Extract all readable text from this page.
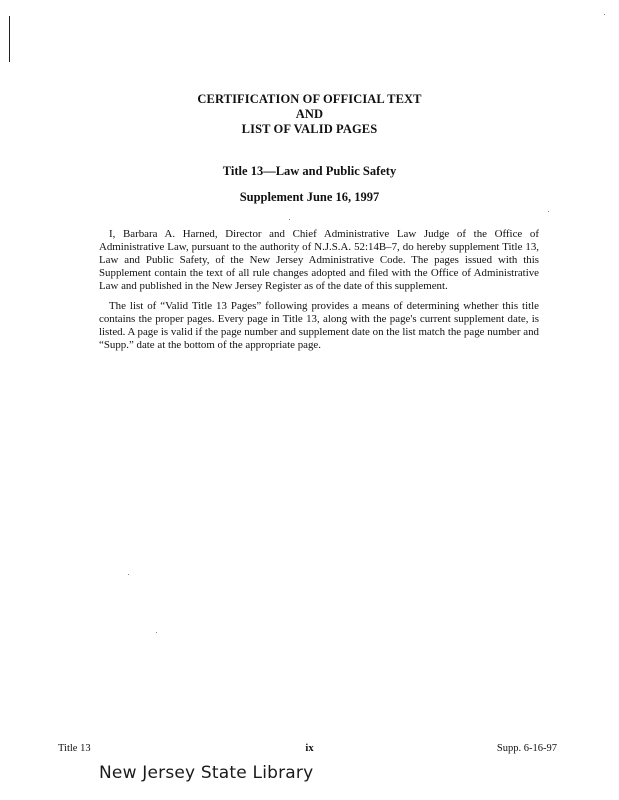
CERTIFICATION OF OFFICIAL TEXT
AND
LIST OF VALID PAGES
Title 13—Law and Public Safety
Supplement June 16, 1997

I, Barbara A. Harned, Director and Chief Administrative Law Judge of the Office of Administrative Law, pursuant to the authority of N.J.S.A. 52:14B–7, do hereby supplement Title 13, Law and Public Safety, of the New Jersey Administrative Code. The pages issued with this Supplement contain the text of all rule changes adopted and filed with the Office of Administrative Law and published in the New Jersey Register as of the date of this supplement.

The list of “Valid Title 13 Pages” following provides a means of determining whether this title contains the proper pages. Every page in Title 13, along with the page's current supplement date, is listed. A page is valid if the page number and supplement date on the list match the page number and “Supp.” date at the bottom of the appropriate page.

Title 13	ix	Supp. 6-16-97
New Jersey State Library
